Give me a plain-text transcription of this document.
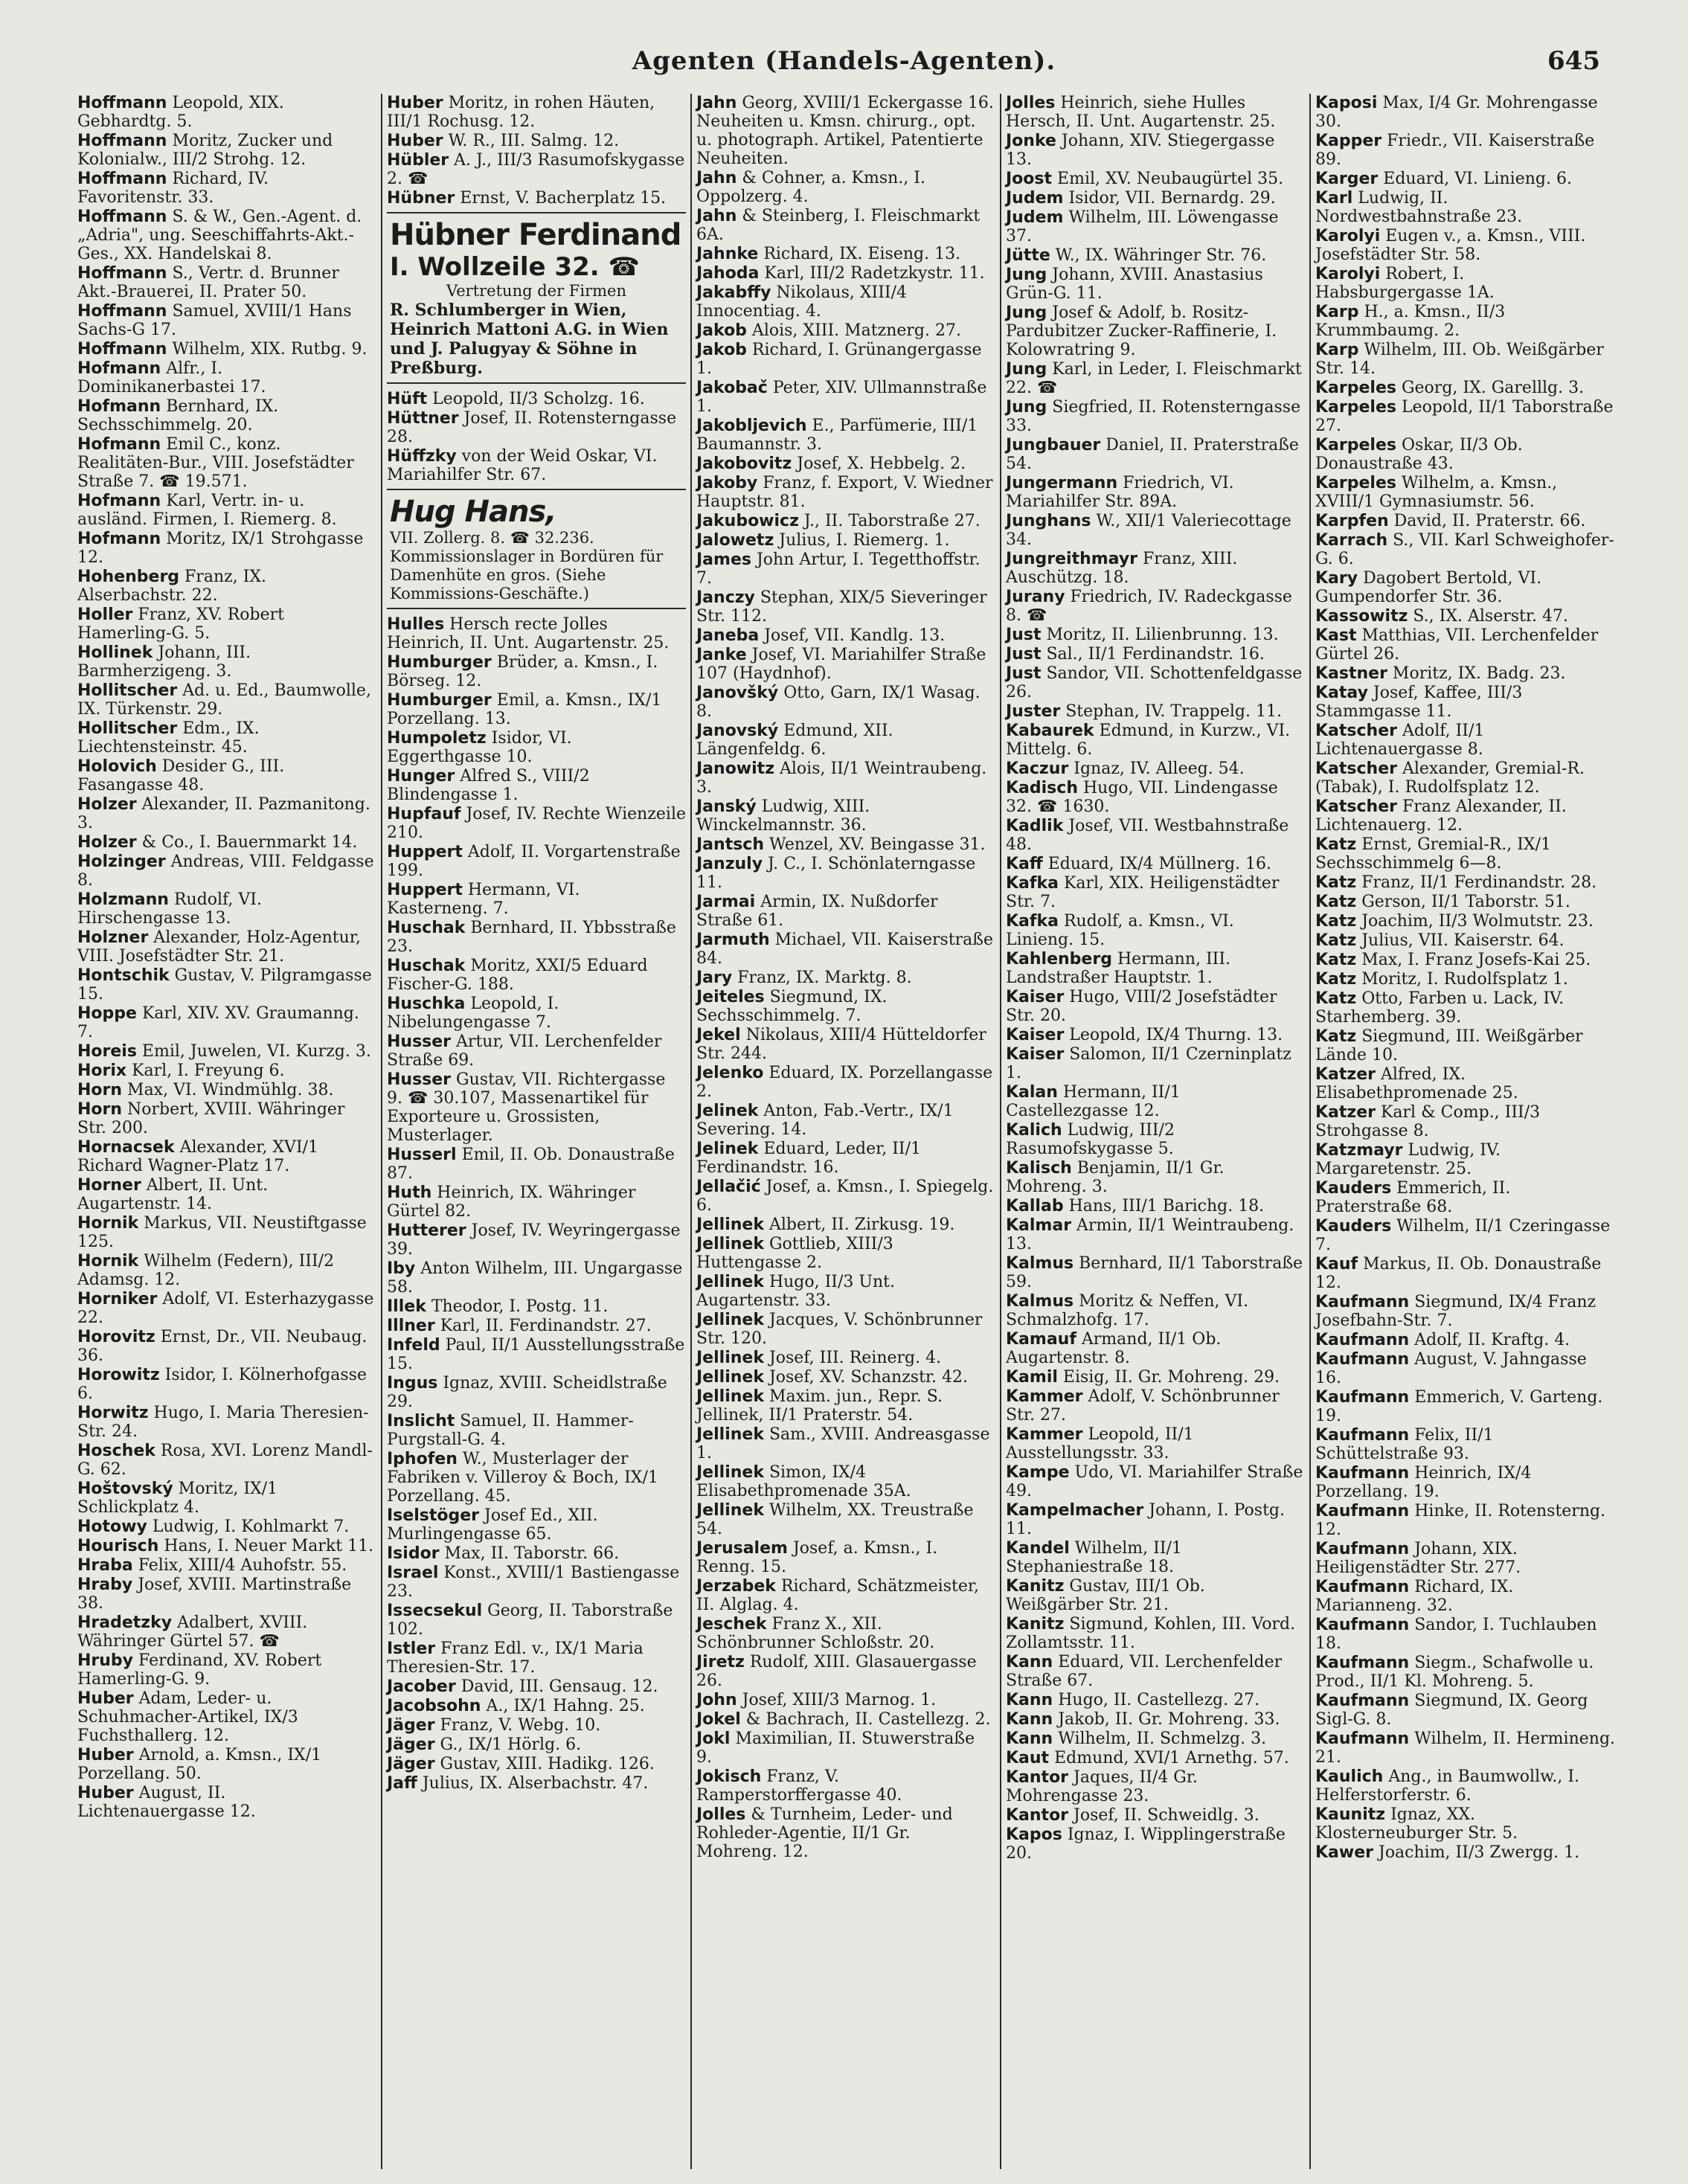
Agenten (Handels-Agenten).	645
Hoffmann Leopold, XIX. Gebhardtg. 5.
Hoffmann Moritz, Zucker und Kolonialw., III/2 Strohg. 12.
Hoffmann Richard, IV. Favoritenstr. 33.
Hoffmann S. & W., Gen.-Agent. d. „Adria", ung. Seeschiffahrts-Akt.-Ges., XX. Handelskai 8.
Hoffmann S., Vertr. d. Brunner Akt.-Brauerei, II. Prater 50.
Hoffmann Samuel, XVIII/1 Hans Sachs-G 17.
Hoffmann Wilhelm, XIX. Rutbg. 9.
Hofmann Alfr., I. Dominikanerbastei 17.
Hofmann Bernhard, IX. Sechsschimmelg. 20.
Hofmann Emil C., konz. Realitäten-Bur., VIII. Josefstädter Straße 7. ☎ 19.571.
Hofmann Karl, Vertr. in- u. ausländ. Firmen, I. Riemerg. 8.
Hofmann Moritz, IX/1 Strohgasse 12.
Hohenberg Franz, IX. Alserbachstr. 22.
Holler Franz, XV. Robert Hamerling-G. 5.
Hollinek Johann, III. Barmherzigeng. 3.
Hollitscher Ad. u. Ed., Baumwolle, IX. Türkenstr. 29.
Hollitscher Edm., IX. Liechtensteinstr. 45.
Holovich Desider G., III. Fasangasse 48.
Holzer Alexander, II. Pazmanitong. 3.
Holzer & Co., I. Bauernmarkt 14.
Holzinger Andreas, VIII. Feldgasse 8.
Holzmann Rudolf, VI. Hirschengasse 13.
Holzner Alexander, Holz-Agentur, VIII. Josefstädter Str. 21.
Hontschik Gustav, V. Pilgramgasse 15.
Hoppe Karl, XIV. XV. Graumanng. 7.
Horeis Emil, Juwelen, VI. Kurzg. 3.
Horix Karl, I. Freyung 6.
Horn Max, VI. Windmühlg. 38.
Horn Norbert, XVIII. Währinger Str. 200.
Hornacsek Alexander, XVI/1 Richard Wagner-Platz 17.
Horner Albert, II. Unt. Augartenstr. 14.
Hornik Markus, VII. Neustiftgasse 125.
Hornik Wilhelm (Federn), III/2 Adamsg. 12.
Horniker Adolf, VI. Esterhazygasse 22.
Horovitz Ernst, Dr., VII. Neubaug. 36.
Horowitz Isidor, I. Kölnerhofgasse 6.
Horwitz Hugo, I. Maria Theresien-Str. 24.
Hoschek Rosa, XVI. Lorenz Mandl-G. 62.
Hoštovský Moritz, IX/1 Schlickplatz 4.
Hotowy Ludwig, I. Kohlmarkt 7.
Hourisch Hans, I. Neuer Markt 11.
Hraba Felix, XIII/4 Auhofstr. 55.
Hraby Josef, XVIII. Martinstraße 38.
Hradetzky Adalbert, XVIII. Währinger Gürtel 57. ☎
Hruby Ferdinand, XV. Robert Hamerling-G. 9.
Huber Adam, Leder- u. Schuhmacher-Artikel, IX/3 Fuchsthallerg. 12.
Huber Arnold, a. Kmsn., IX/1 Porzellang. 50.
Huber August, II. Lichtenauergasse 12.
Huber Moritz, in rohen Häuten, III/1 Rochusg. 12.
Huber W. R., III. Salmg. 12.
Hübler A. J., III/3 Rasumofskygasse 2. ☎
Hübner Ernst, V. Bacherplatz 15.
Hübner Ferdinand
I. Wollzeile 32. ☎
Vertretung der Firmen
R. Schlumberger in Wien, Heinrich Mattoni A.G. in Wien und J. Palugyay & Söhne in Preßburg.
Hüft Leopold, II/3 Scholzg. 16.
Hüttner Josef, II. Rotensterngasse 28.
Hüffzky von der Weid Oskar, VI. Mariahilfer Str. 67.
Hug Hans,
VII. Zollerg. 8. ☎ 32.236. Kommissionslager in Bordüren für Damenhüte en gros. (Siehe Kommissions-Geschäfte.)
Hulles Hersch recte Jolles Heinrich, II. Unt. Augartenstr. 25.
Humburger Brüder, a. Kmsn., I. Börseg. 12.
Humburger Emil, a. Kmsn., IX/1 Porzellang. 13.
Humpoletz Isidor, VI. Eggerthgasse 10.
Hunger Alfred S., VIII/2 Blindengasse 1.
Hupfauf Josef, IV. Rechte Wienzeile 210.
Huppert Adolf, II. Vorgartenstraße 199.
Huppert Hermann, VI. Kasterneng. 7.
Huschak Bernhard, II. Ybbsstraße 23.
Huschak Moritz, XXI/5 Eduard Fischer-G. 188.
Huschka Leopold, I. Nibelungengasse 7.
Husser Artur, VII. Lerchenfelder Straße 69.
Husser Gustav, VII. Richtergasse 9. ☎ 30.107, Massenartikel für Exporteure u. Grossisten, Musterlager.
Husserl Emil, II. Ob. Donaustraße 87.
Huth Heinrich, IX. Währinger Gürtel 82.
Hutterer Josef, IV. Weyringergasse 39.
Iby Anton Wilhelm, III. Ungargasse 58.
Illek Theodor, I. Postg. 11.
Illner Karl, II. Ferdinandstr. 27.
Infeld Paul, II/1 Ausstellungsstraße 15.
Ingus Ignaz, XVIII. Scheidlstraße 29.
Inslicht Samuel, II. Hammer-Purgstall-G. 4.
Iphofen W., Musterlager der Fabriken v. Villeroy & Boch, IX/1 Porzellang. 45.
Iselstöger Josef Ed., XII. Murlingengasse 65.
Isidor Max, II. Taborstr. 66.
Israel Konst., XVIII/1 Bastiengasse 23.
Issecsekul Georg, II. Taborstraße 102.
Istler Franz Edl. v., IX/1 Maria Theresien-Str. 17.
Jacober David, III. Gensaug. 12.
Jacobsohn A., IX/1 Hahng. 25.
Jäger Franz, V. Webg. 10.
Jäger G., IX/1 Hörlg. 6.
Jäger Gustav, XIII. Hadikg. 126.
Jaff Julius, IX. Alserbachstr. 47.
Jahn Georg, XVIII/1 Eckergasse 16. Neuheiten u. Kmsn. chirurg., opt. u. photograph. Artikel, Patentierte Neuheiten.
Jahn & Cohner, a. Kmsn., I. Oppolzerg. 4.
Jahn & Steinberg, I. Fleischmarkt 6A.
Jahnke Richard, IX. Eiseng. 13.
Jahoda Karl, III/2 Radetzkystr. 11.
Jakabffy Nikolaus, XIII/4 Innocentiag. 4.
Jakob Alois, XIII. Matznerg. 27.
Jakob Richard, I. Grünangergasse 1.
Jakobač Peter, XIV. Ullmannstraße 1.
Jakobljevich E., Parfümerie, III/1 Baumannstr. 3.
Jakobovitz Josef, X. Hebbelg. 2.
Jakoby Franz, f. Export, V. Wiedner Hauptstr. 81.
Jakubowicz J., II. Taborstraße 27.
Jalowetz Julius, I. Riemerg. 1.
James John Artur, I. Tegetthoffstr. 7.
Janczy Stephan, XIX/5 Sieveringer Str. 112.
Janeba Josef, VII. Kandlg. 13.
Janke Josef, VI. Mariahilfer Straße 107 (Haydnhof).
Janovšký Otto, Garn, IX/1 Wasag. 8.
Janovský Edmund, XII. Längenfeldg. 6.
Janowitz Alois, II/1 Weintraubeng. 3.
Janský Ludwig, XIII. Winckelmannstr. 36.
Jantsch Wenzel, XV. Beingasse 31.
Janzuly J. C., I. Schönlaterngasse 11.
Jarmai Armin, IX. Nußdorfer Straße 61.
Jarmuth Michael, VII. Kaiserstraße 84.
Jary Franz, IX. Marktg. 8.
Jeiteles Siegmund, IX. Sechsschimmelg. 7.
Jekel Nikolaus, XIII/4 Hütteldorfer Str. 244.
Jelenko Eduard, IX. Porzellangasse 2.
Jelinek Anton, Fab.-Vertr., IX/1 Severing. 14.
Jelinek Eduard, Leder, II/1 Ferdinandstr. 16.
Jellačić Josef, a. Kmsn., I. Spiegelg. 6.
Jellinek Albert, II. Zirkusg. 19.
Jellinek Gottlieb, XIII/3 Huttengasse 2.
Jellinek Hugo, II/3 Unt. Augartenstr. 33.
Jellinek Jacques, V. Schönbrunner Str. 120.
Jellinek Josef, III. Reinerg. 4.
Jellinek Josef, XV. Schanzstr. 42.
Jellinek Maxim. jun., Repr. S. Jellinek, II/1 Praterstr. 54.
Jellinek Sam., XVIII. Andreasgasse 1.
Jellinek Simon, IX/4 Elisabethpromenade 35A.
Jellinek Wilhelm, XX. Treustraße 54.
Jerusalem Josef, a. Kmsn., I. Renng. 15.
Jerzabek Richard, Schätzmeister, II. Alglag. 4.
Jeschek Franz X., XII. Schönbrunner Schloßstr. 20.
Jiretz Rudolf, XIII. Glasauergasse 26.
John Josef, XIII/3 Marnog. 1.
Jokel & Bachrach, II. Castellezg. 2.
Jokl Maximilian, II. Stuwerstraße 9.
Jokisch Franz, V. Ramperstorffergasse 40.
Jolles & Turnheim, Leder- und Rohleder-Agentie, II/1 Gr. Mohreng. 12.
Jolles Heinrich, siehe Hulles Hersch, II. Unt. Augartenstr. 25.
Jonke Johann, XIV. Stiegergasse 13.
Joost Emil, XV. Neubaugürtel 35.
Judem Isidor, VII. Bernardg. 29.
Judem Wilhelm, III. Löwengasse 37.
Jütte W., IX. Währinger Str. 76.
Jung Johann, XVIII. Anastasius Grün-G. 11.
Jung Josef & Adolf, b. Rositz-Pardubitzer Zucker-Raffinerie, I. Kolowratring 9.
Jung Karl, in Leder, I. Fleischmarkt 22. ☎
Jung Siegfried, II. Rotensterngasse 33.
Jungbauer Daniel, II. Praterstraße 54.
Jungermann Friedrich, VI. Mariahilfer Str. 89A.
Junghans W., XII/1 Valeriecottage 34.
Jungreithmayr Franz, XIII. Auschützg. 18.
Jurany Friedrich, IV. Radeckgasse 8. ☎
Just Moritz, II. Lilienbrunng. 13.
Just Sal., II/1 Ferdinandstr. 16.
Just Sandor, VII. Schottenfeldgasse 26.
Juster Stephan, IV. Trappelg. 11.
Kabaurek Edmund, in Kurzw., VI. Mittelg. 6.
Kaczur Ignaz, IV. Alleeg. 54.
Kadisch Hugo, VII. Lindengasse 32. ☎ 1630.
Kadlik Josef, VII. Westbahnstraße 48.
Kaff Eduard, IX/4 Müllnerg. 16.
Kafka Karl, XIX. Heiligenstädter Str. 7.
Kafka Rudolf, a. Kmsn., VI. Linieng. 15.
Kahlenberg Hermann, III. Landstraßer Hauptstr. 1.
Kaiser Hugo, VIII/2 Josefstädter Str. 20.
Kaiser Leopold, IX/4 Thurng. 13.
Kaiser Salomon, II/1 Czerninplatz 1.
Kalan Hermann, II/1 Castellezgasse 12.
Kalich Ludwig, III/2 Rasumofskygasse 5.
Kalisch Benjamin, II/1 Gr. Mohreng. 3.
Kallab Hans, III/1 Barichg. 18.
Kalmar Armin, II/1 Weintraubeng. 13.
Kalmus Bernhard, II/1 Taborstraße 59.
Kalmus Moritz & Neffen, VI. Schmalzhofg. 17.
Kamauf Armand, II/1 Ob. Augartenstr. 8.
Kamil Eisig, II. Gr. Mohreng. 29.
Kammer Adolf, V. Schönbrunner Str. 27.
Kammer Leopold, II/1 Ausstellungsstr. 33.
Kampe Udo, VI. Mariahilfer Straße 49.
Kampelmacher Johann, I. Postg. 11.
Kandel Wilhelm, II/1 Stephaniestraße 18.
Kanitz Gustav, III/1 Ob. Weißgärber Str. 21.
Kanitz Sigmund, Kohlen, III. Vord. Zollamtsstr. 11.
Kann Eduard, VII. Lerchenfelder Straße 67.
Kann Hugo, II. Castellezg. 27.
Kann Jakob, II. Gr. Mohreng. 33.
Kann Wilhelm, II. Schmelzg. 3.
Kaut Edmund, XVI/1 Arnethg. 57.
Kantor Jaques, II/4 Gr. Mohrengasse 23.
Kantor Josef, II. Schweidlg. 3.
Kapos Ignaz, I. Wipplingerstraße 20.
Kaposi Max, I/4 Gr. Mohrengasse 30.
Kapper Friedr., VII. Kaiserstraße 89.
Karger Eduard, VI. Linieng. 6.
Karl Ludwig, II. Nordwestbahnstraße 23.
Karolyi Eugen v., a. Kmsn., VIII. Josefstädter Str. 58.
Karolyi Robert, I. Habsburgergasse 1A.
Karp H., a. Kmsn., II/3 Krummbaumg. 2.
Karp Wilhelm, III. Ob. Weißgärber Str. 14.
Karpeles Georg, IX. Garelllg. 3.
Karpeles Leopold, II/1 Taborstraße 27.
Karpeles Oskar, II/3 Ob. Donaustraße 43.
Karpeles Wilhelm, a. Kmsn., XVIII/1 Gymnasiumstr. 56.
Karpfen David, II. Praterstr. 66.
Karrach S., VII. Karl Schweighofer-G. 6.
Kary Dagobert Bertold, VI. Gumpendorfer Str. 36.
Kassowitz S., IX. Alserstr. 47.
Kast Matthias, VII. Lerchenfelder Gürtel 26.
Kastner Moritz, IX. Badg. 23.
Katay Josef, Kaffee, III/3 Stammgasse 11.
Katscher Adolf, II/1 Lichtenauergasse 8.
Katscher Alexander, Gremial-R. (Tabak), I. Rudolfsplatz 12.
Katscher Franz Alexander, II. Lichtenauerg. 12.
Katz Ernst, Gremial-R., IX/1 Sechsschimmelg 6—8.
Katz Franz, II/1 Ferdinandstr. 28.
Katz Gerson, II/1 Taborstr. 51.
Katz Joachim, II/3 Wolmutstr. 23.
Katz Julius, VII. Kaiserstr. 64.
Katz Max, I. Franz Josefs-Kai 25.
Katz Moritz, I. Rudolfsplatz 1.
Katz Otto, Farben u. Lack, IV. Starhemberg. 39.
Katz Siegmund, III. Weißgärber Lände 10.
Katzer Alfred, IX. Elisabethpromenade 25.
Katzer Karl & Comp., III/3 Strohgasse 8.
Katzmayr Ludwig, IV. Margaretenstr. 25.
Kauders Emmerich, II. Praterstraße 68.
Kauders Wilhelm, II/1 Czeringasse 7.
Kauf Markus, II. Ob. Donaustraße 12.
Kaufmann Siegmund, IX/4 Franz Josefbahn-Str. 7.
Kaufmann Adolf, II. Kraftg. 4.
Kaufmann August, V. Jahngasse 16.
Kaufmann Emmerich, V. Garteng. 19.
Kaufmann Felix, II/1 Schüttelstraße 93.
Kaufmann Heinrich, IX/4 Porzellang. 19.
Kaufmann Hinke, II. Rotensterng. 12.
Kaufmann Johann, XIX. Heiligenstädter Str. 277.
Kaufmann Richard, IX. Marianneng. 32.
Kaufmann Sandor, I. Tuchlauben 18.
Kaufmann Siegm., Schafwolle u. Prod., II/1 Kl. Mohreng. 5.
Kaufmann Siegmund, IX. Georg Sigl-G. 8.
Kaufmann Wilhelm, II. Hermineng. 21.
Kaulich Ang., in Baumwollw., I. Helferstorferstr. 6.
Kaunitz Ignaz, XX. Klosterneuburger Str. 5.
Kawer Joachim, II/3 Zwergg. 1.
